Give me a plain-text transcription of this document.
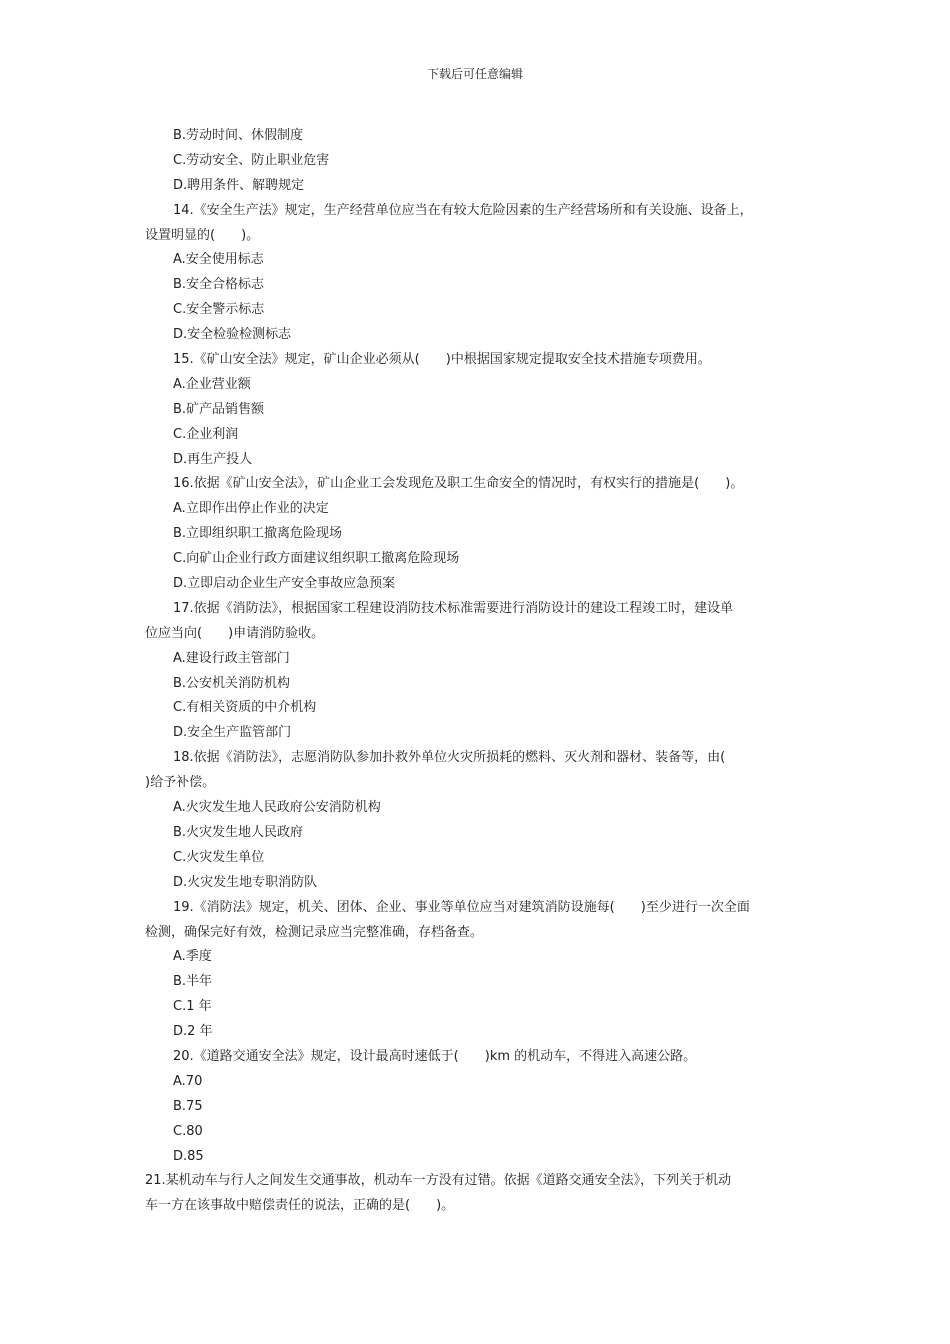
下载后可任意编辑
B.劳动时间、休假制度
C.劳动安全、防止职业危害
D.聘用条件、解聘规定
14.《安全生产法》规定，生产经营单位应当在有较大危险因素的生产经营场所和有关设施、设备上，
设置明显的(　　)。
A.安全使用标志
B.安全合格标志
C.安全警示标志
D.安全检验检测标志
15.《矿山安全法》规定，矿山企业必须从(　　)中根据国家规定提取安全技术措施专项费用。
A.企业营业额
B.矿产品销售额
C.企业利润
D.再生产投人
16.依据《矿山安全法》，矿山企业工会发现危及职工生命安全的情况时，有权实行的措施是(　　)。
A.立即作出停止作业的决定
B.立即组织职工撤离危险现场
C.向矿山企业行政方面建议组织职工撤离危险现场
D.立即启动企业生产安全事故应急预案
17.依据《消防法》，根据国家工程建设消防技术标准需要进行消防设计的建设工程竣工时，建设单
位应当向(　　)申请消防验收。
A.建设行政主管部门
B.公安机关消防机构
C.有相关资质的中介机构
D.安全生产监管部门
18.依据《消防法》，志愿消防队参加扑救外单位火灾所损耗的燃料、灭火剂和器材、装备等，由(
)给予补偿。
A.火灾发生地人民政府公安消防机构
B.火灾发生地人民政府
C.火灾发生单位
D.火灾发生地专职消防队
19.《消防法》规定，机关、团体、企业、事业等单位应当对建筑消防设施每(　　)至少进行一次全面
检测，确保完好有效，检测记录应当完整准确，存档备查。
A.季度
B.半年
C.1 年
D.2 年
20.《道路交通安全法》规定，设计最高时速低于(　　)km 的机动车，不得进入高速公路。
A.70
B.75
C.80
D.85
21.某机动车与行人之间发生交通事故，机动车一方没有过错。依据《道路交通安全法》，下列关于机动
车一方在该事故中赔偿责任的说法，正确的是(　　)。
